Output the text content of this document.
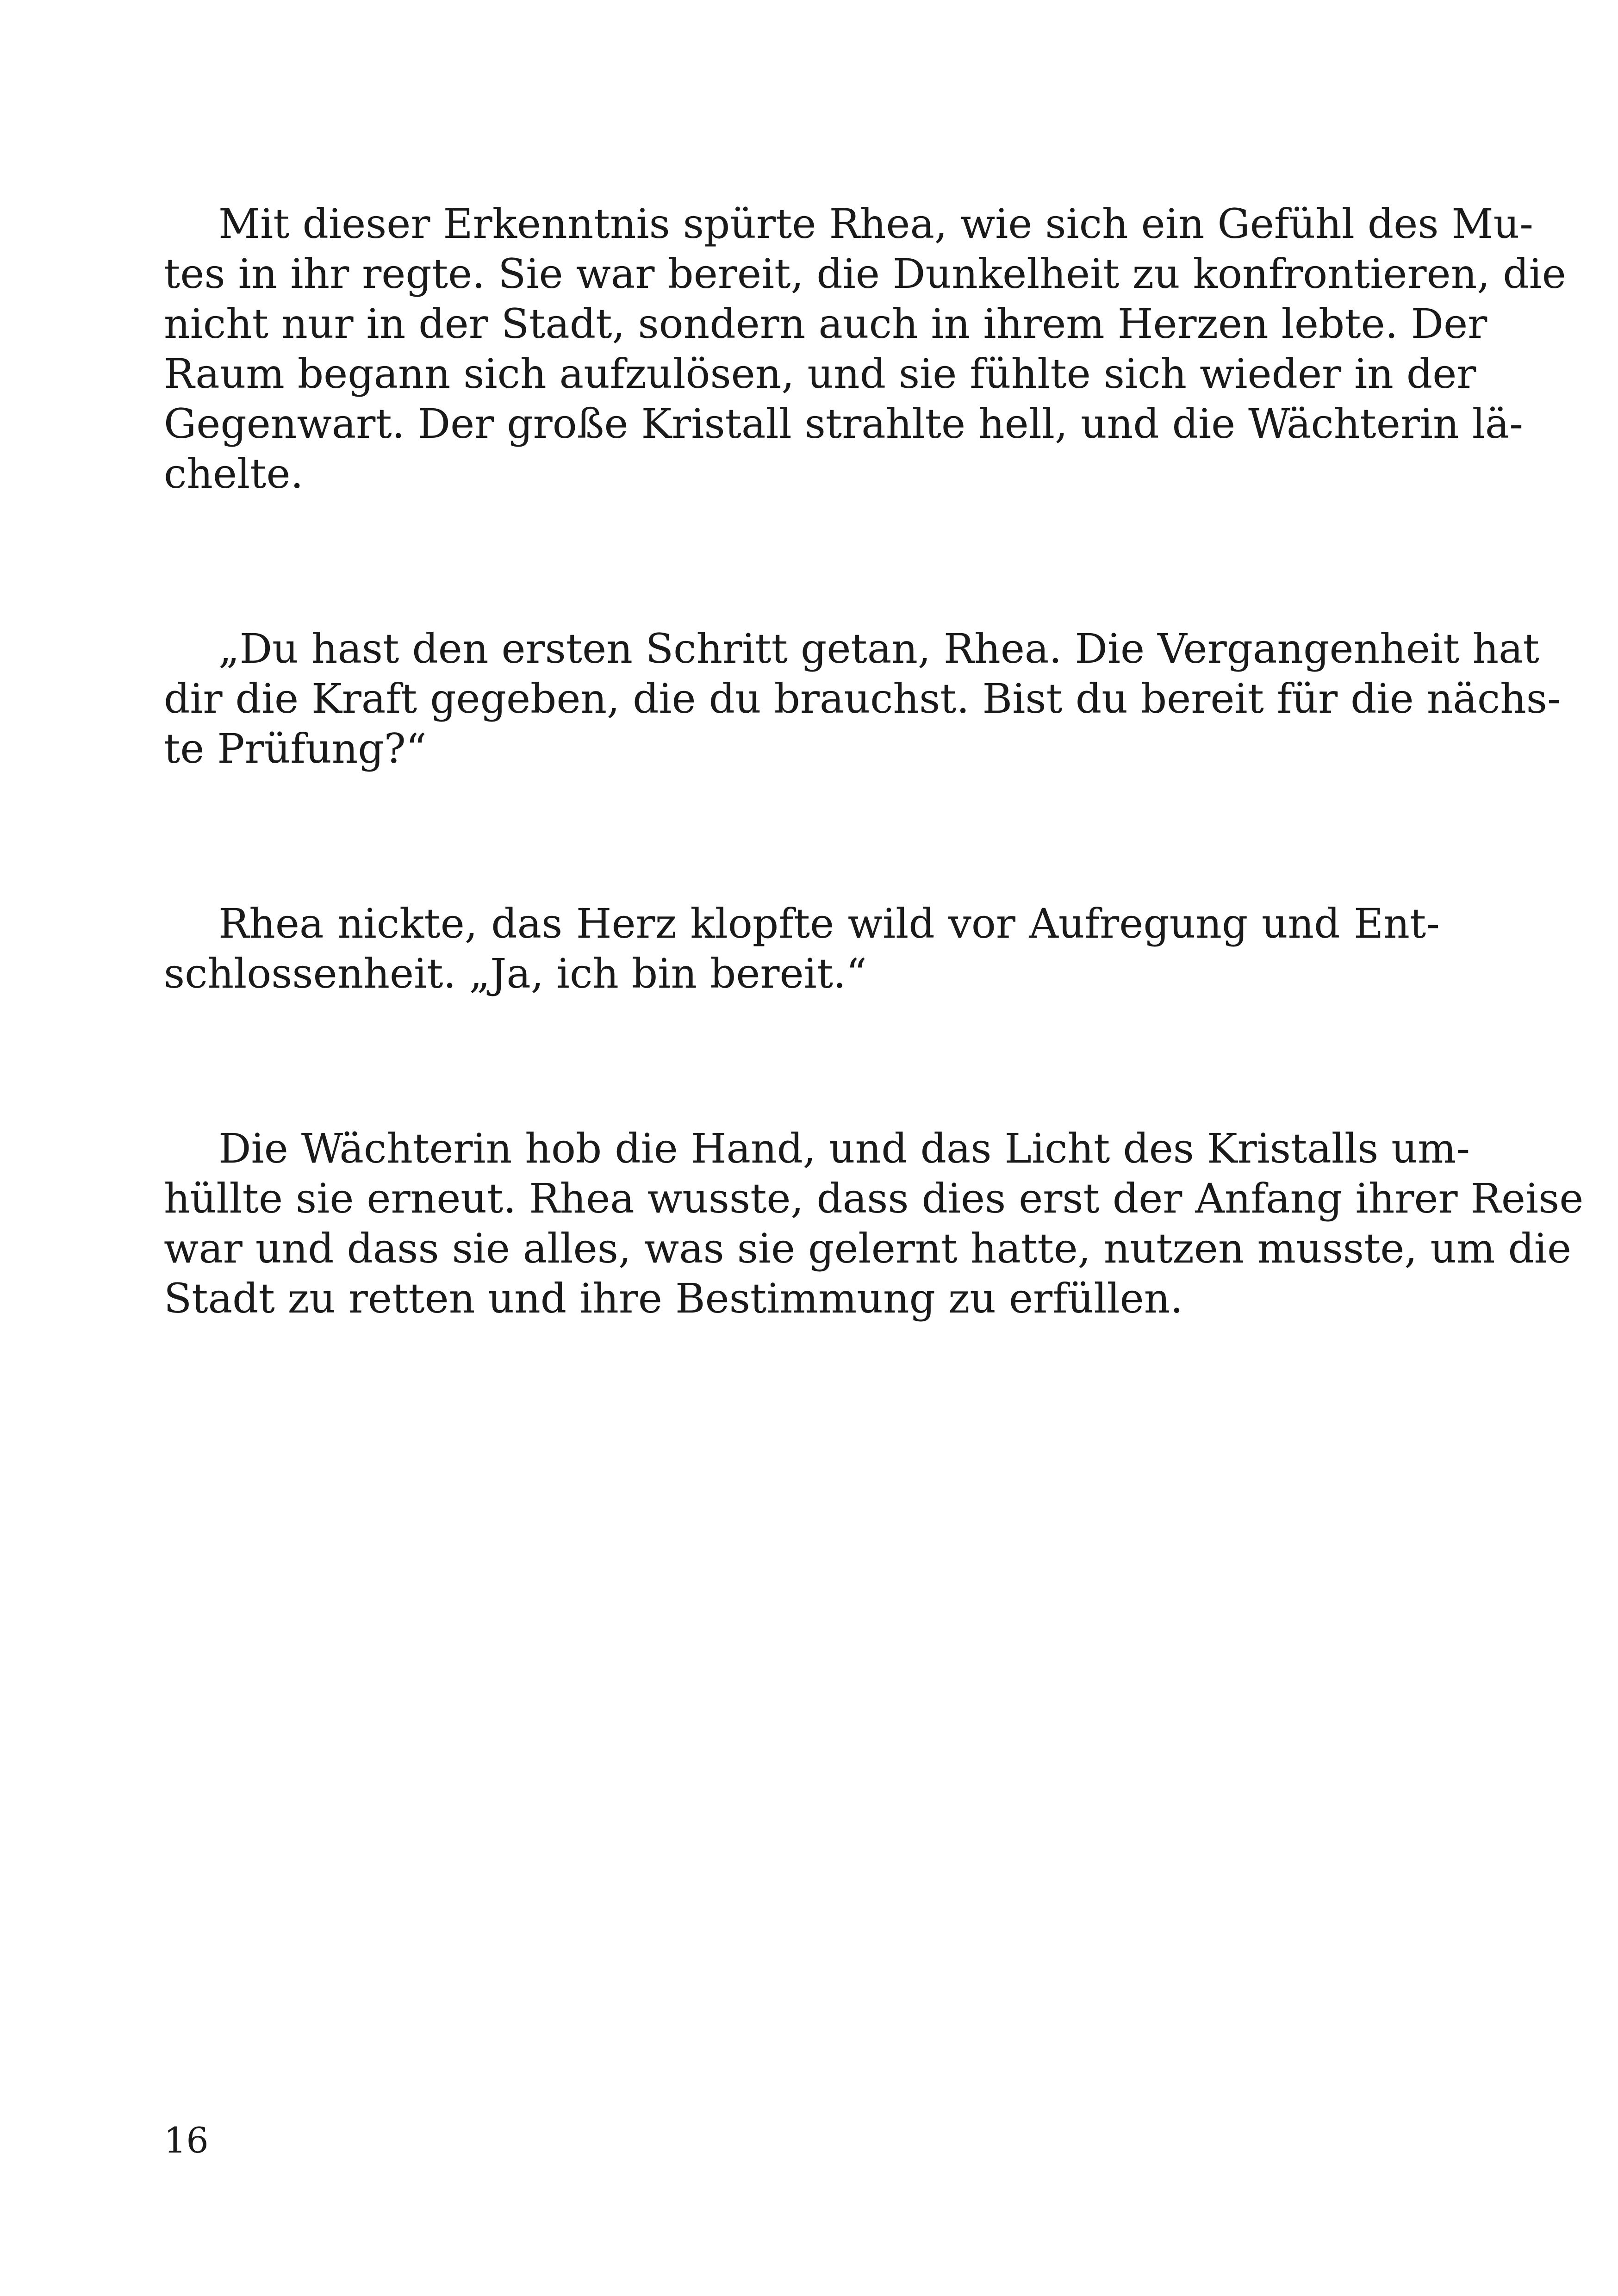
Mit dieser Erkenntnis spürte Rhea, wie sich ein Gefühl des Mu-
tes in ihr regte. Sie war bereit, die Dunkelheit zu konfrontieren, die
nicht nur in der Stadt, sondern auch in ihrem Herzen lebte. Der
Raum begann sich aufzulösen, und sie fühlte sich wieder in der
Gegenwart. Der große Kristall strahlte hell, und die Wächterin lä-
chelte.
„Du hast den ersten Schritt getan, Rhea. Die Vergangenheit hat
dir die Kraft gegeben, die du brauchst. Bist du bereit für die nächs-
te Prüfung?“
Rhea nickte, das Herz klopfte wild vor Aufregung und Ent-
schlossenheit. „Ja, ich bin bereit.“
Die Wächterin hob die Hand, und das Licht des Kristalls um-
hüllte sie erneut. Rhea wusste, dass dies erst der Anfang ihrer Reise
war und dass sie alles, was sie gelernt hatte, nutzen musste, um die
Stadt zu retten und ihre Bestimmung zu erfüllen.
16
